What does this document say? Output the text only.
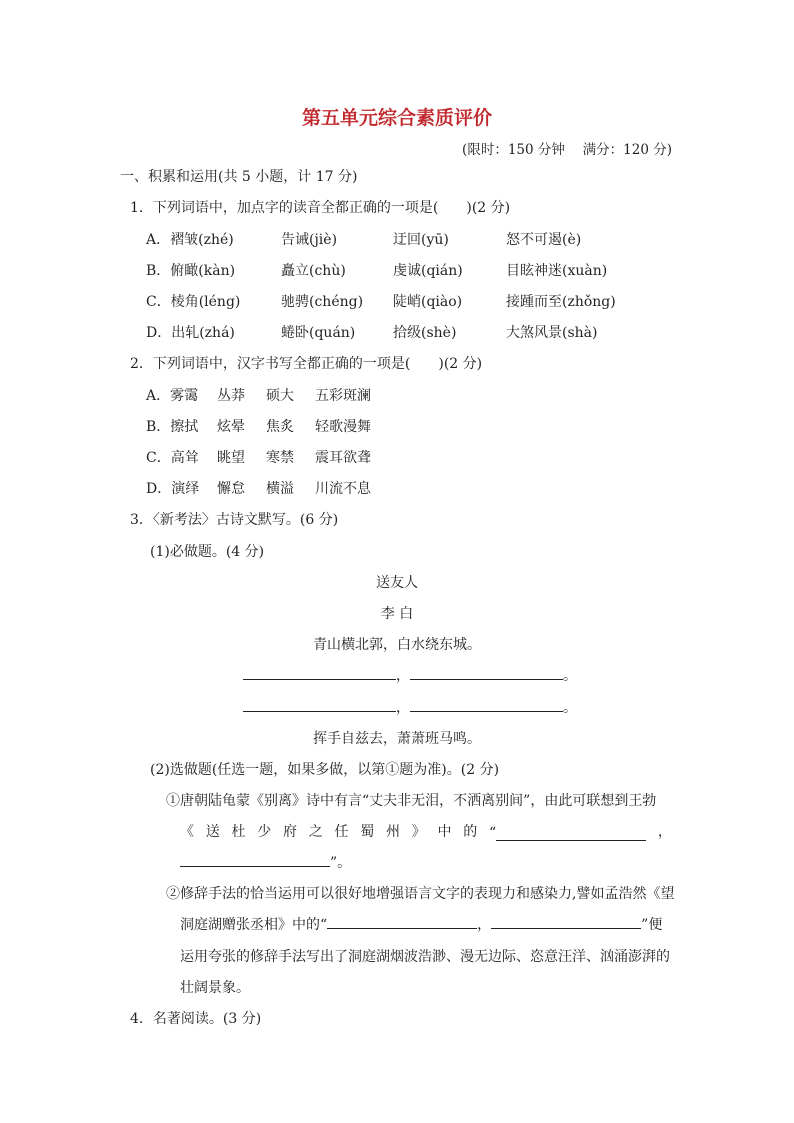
第五单元综合素质评价
(限时：150 分钟　 满分：120 分)
一、积累和运用(共 5 小题，计 17 分)
1．下列词语中，加点字的读音全都正确的一项是(　　)(2 分)
A．褶皱(zhé)	告诫(jiè)	迂回(yū)	怒不可遏(è)
B．俯瞰(kàn)	矗立(chù)	虔诚(qián)	目眩神迷(xuàn)
C．棱角(léng)	驰骋(chéng) 陡峭(qiào)	接踵而至(zhǒng)
D．出轧(zhá)	蜷卧(quán)	拾级(shè)	大煞风景(shà)
2．下列词语中，汉字书写全都正确的一项是(　　)(2 分)
A．雾霭 丛莽 硕大 五彩斑澜
B．擦拭 炫晕 焦炙 轻歌漫舞
C．高耸 眺望 寒禁 震耳欲聋
D．演绎 懈怠 横溢 川流不息
3．〈新考法〉古诗文默写。(6 分)
(1)必做题。(4 分)
送友人
李 白
青山横北郭，白水绕东城。
，	。
，	。
挥手自兹去，萧萧班马鸣。
(2)选做题(任选一题，如果多做，以第①题为准)。(2 分)
①唐朝陆龟蒙《别离》诗中有言“丈夫非无泪，不洒离别间”，由此可联想到王勃
《 送 杜 少 府 之 任 蜀 州 》 中 的 “	，
”。
②修辞手法的恰当运用可以很好地增强语言文字的表现力和感染力,譬如孟浩然《望
洞庭湖赠张丞相》中的“	，	”便
运用夸张的修辞手法写出了洞庭湖烟波浩渺、漫无边际、恣意汪洋、汹涌澎湃的
壮阔景象。
4．名著阅读。(3 分)
